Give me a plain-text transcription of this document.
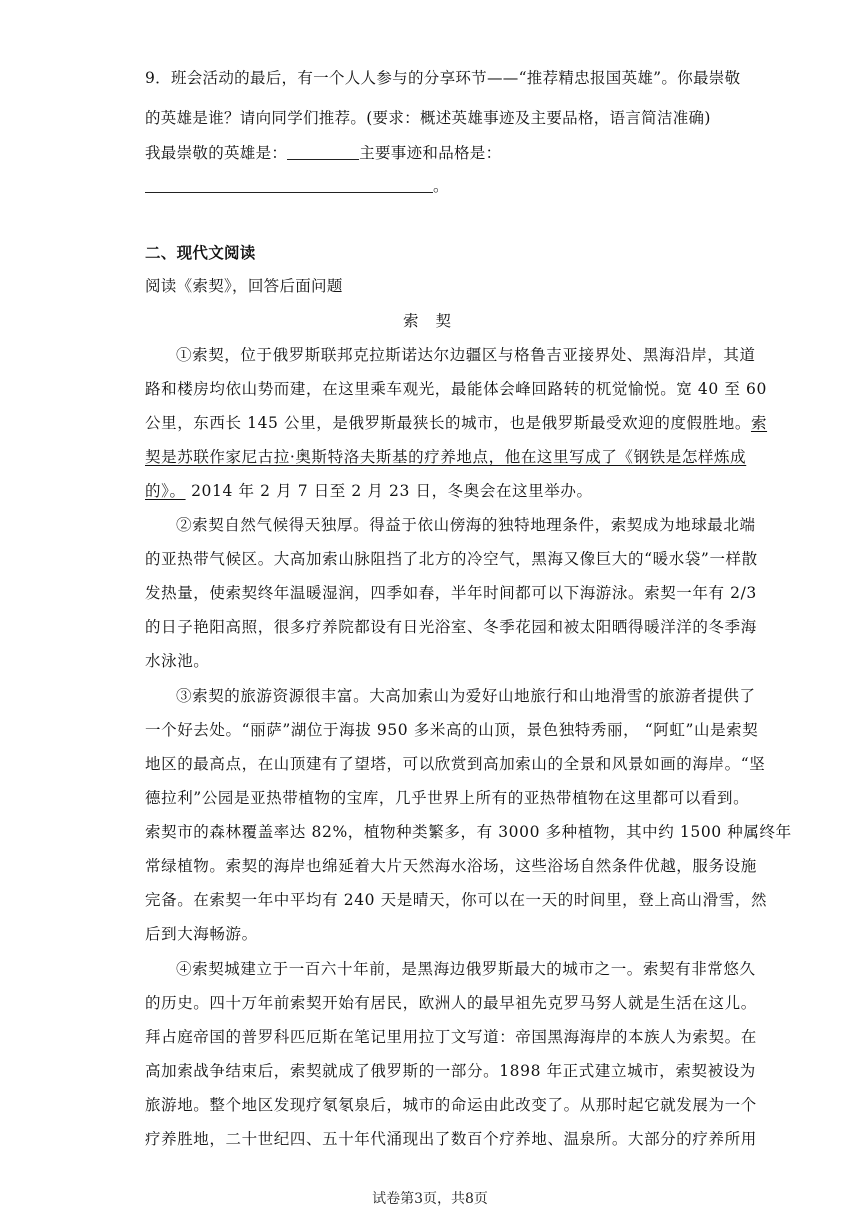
9．班会活动的最后，有一个人人参与的分享环节——“推荐精忠报国英雄”。你最崇敬
的英雄是谁？请向同学们推荐。(要求：概述英雄事迹及主要品格，语言简洁准确)
我最崇敬的英雄是：	主要事迹和品格是：
。
二、现代文阅读
阅读《索契》，回答后面问题
索 契
①索契，位于俄罗斯联邦克拉斯诺达尔边疆区与格鲁吉亚接界处、黑海沿岸，其道
路和楼房均依山势而建，在这里乘车观光，最能体会峰回路转的杌觉愉悦。宽 40 至 60
公里，东西长 145 公里，是俄罗斯最狭长的城市，也是俄罗斯最受欢迎的度假胜地。索
契是苏联作家尼古拉·奥斯特洛夫斯基的疗养地点，他在这里写成了《钢铁是怎样炼成
的》。 2014 年 2 月 7 日至 2 月 23 日，冬奥会在这里举办。
②索契自然气候得天独厚。得益于依山傍海的独特地理条件，索契成为地球最北端
的亚热带气候区。大高加索山脉阻挡了北方的冷空气，黑海又像巨大的“暖水袋”一样散
发热量，使索契终年温暖湿润，四季如春，半年时间都可以下海游泳。索契一年有 2/3
的日子艳阳高照，很多疗养院都设有日光浴室、冬季花园和被太阳晒得暖洋洋的冬季海
水泳池。
③索契的旅游资源很丰富。大高加索山为爱好山地旅行和山地滑雪的旅游者提供了
一个好去处。“丽萨”湖位于海拔 950 多米高的山顶，景色独特秀丽， “阿虹”山是索契
地区的最高点，在山顶建有了望塔，可以欣赏到高加索山的全景和风景如画的海岸。“坚
德拉利”公园是亚热带植物的宝库，几乎世界上所有的亚热带植物在这里都可以看到。
索契市的森林覆盖率达 82%，植物种类繁多，有 3000 多种植物，其中约 1500 种属终年
常绿植物。索契的海岸也绵延着大片天然海水浴场，这些浴场自然条件优越，服务设施
完备。在索契一年中平均有 240 天是晴天，你可以在一天的时间里，登上高山滑雪，然
后到大海畅游。
④索契城建立于一百六十年前，是黑海边俄罗斯最大的城市之一。索契有非常悠久
的历史。四十万年前索契开始有居民，欧洲人的最早祖先克罗马努人就是生活在这儿。
拜占庭帝国的普罗科匹厄斯在笔记里用拉丁文写道：帝国黑海海岸的本族人为索契。在
高加索战争结束后，索契就成了俄罗斯的一部分。1898 年正式建立城市，索契被设为
旅游地。整个地区发现疗氡氡泉后，城市的命运由此改变了。从那时起它就发展为一个
疗养胜地，二十世纪四、五十年代涌现出了数百个疗养地、温泉所。大部分的疗养所用
试卷第3页，共8页
